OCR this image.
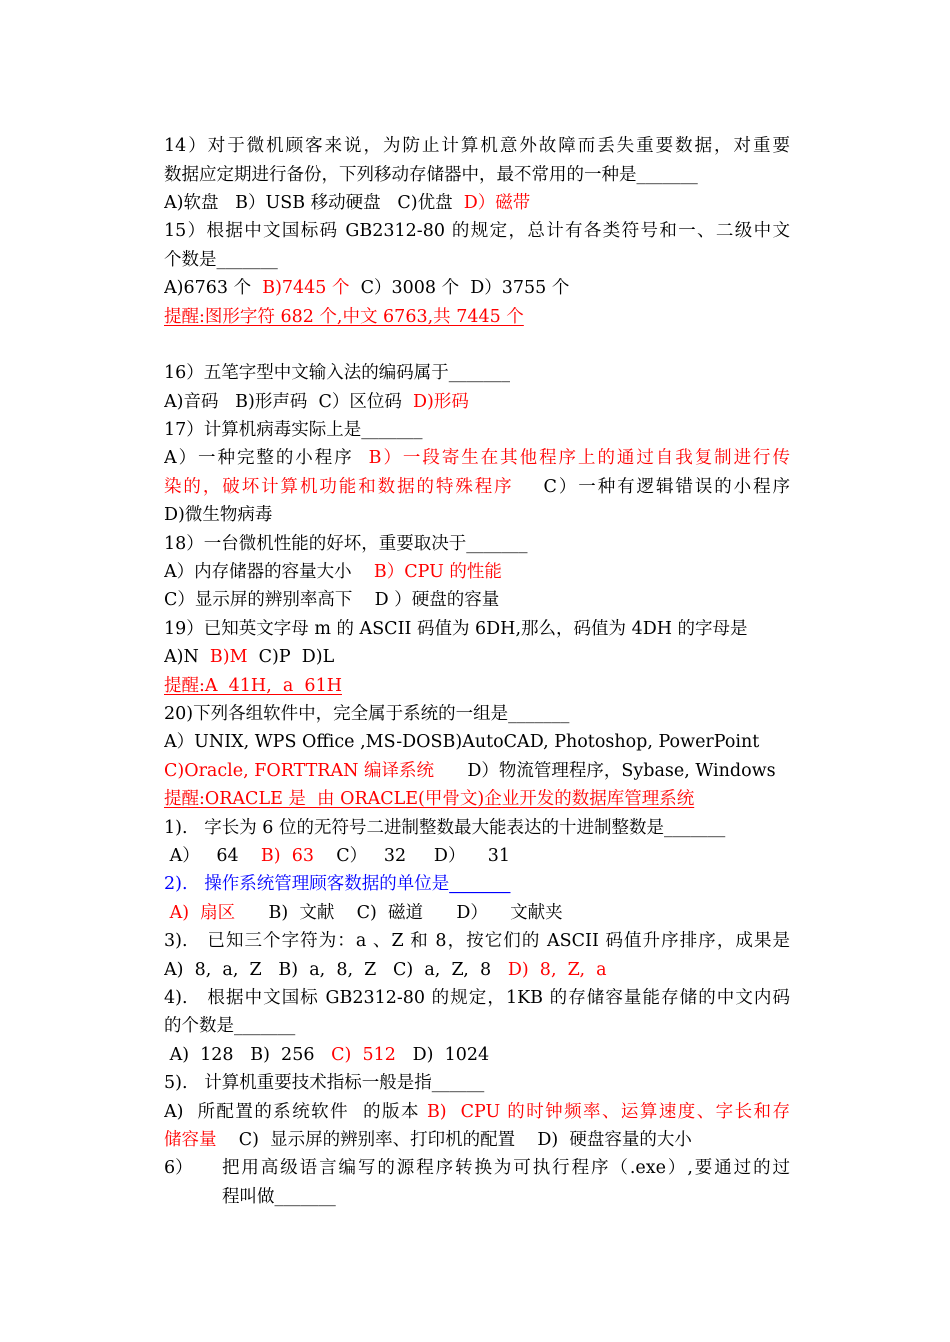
14）对于微机顾客来说，为防止计算机意外故障而丢失重要数据，对重要
数据应定期进行备份，下列移动存储器中，最不常用的一种是_______
A)软盘   B）USB 移动硬盘   C)优盘  D）磁带
15）根据中文国标码 GB2312-80 的规定，总计有各类符号和一、二级中文
个数是_______
A)6763 个  B)7445 个  C）3008 个  D）3755 个
提醒:图形字符 682 个,中文 6763,共 7445 个
16）五笔字型中文输入法的编码属于_______
A)音码   B)形声码  C）区位码  D)形码
17）计算机病毒实际上是_______
A）一种完整的小程序  B）一段寄生在其他程序上的通过自我复制进行传
染的，破坏计算机功能和数据的特殊程序    C）一种有逻辑错误的小程序
D)微生物病毒
18）一台微机性能的好坏，重要取决于_______
A）内存储器的容量大小    B）CPU 的性能
C）显示屏的辨别率高下    D ）硬盘的容量
19）已知英文字母 m 的 ASCII 码值为 6DH,那么，码值为 4DH 的字母是
A)N  B)M  C)P  D)L
提醒:A  41H,  a  61H
20)下列各组软件中，完全属于系统的一组是_______
A）UNIX, WPS Office ,MS-DOSB)AutoCAD, Photoshop, PowerPoint
C)Oracle, FORTTRAN 编译系统      D）物流管理程序，Sybase, Windows
提醒:ORACLE 是  由 ORACLE(甲骨文)企业开发的数据库管理系统
1).   字长为 6 位的无符号二进制整数最大能表达的十进制整数是_______
A）   64    B)  63    C）   32     D）    31
2).   操作系统管理顾客数据的单位是_______
A)  扇区      B)  文献    C)  磁道      D）    文献夹
3).   已知三个字符为：a 、Z 和 8，按它们的 ASCII 码值升序排序，成果是
A)  8,  a,  Z   B)  a,  8,  Z   C)  a,  Z,  8   D)  8,  Z,  a
4).   根据中文国标 GB2312-80 的规定，1KB 的存储容量能存储的中文内码
的个数是_______
A)  128   B)  256   C)  512   D)  1024
5).   计算机重要技术指标一般是指______
A)  所配置的系统软件  的版本 B)  CPU 的时钟频率、运算速度、字长和存
储容量    C)  显示屏的辨别率、打印机的配置    D)  硬盘容量的大小
6）	把用高级语言编写的源程序转换为可执行程序（.exe）,要通过的过
程叫做_______
